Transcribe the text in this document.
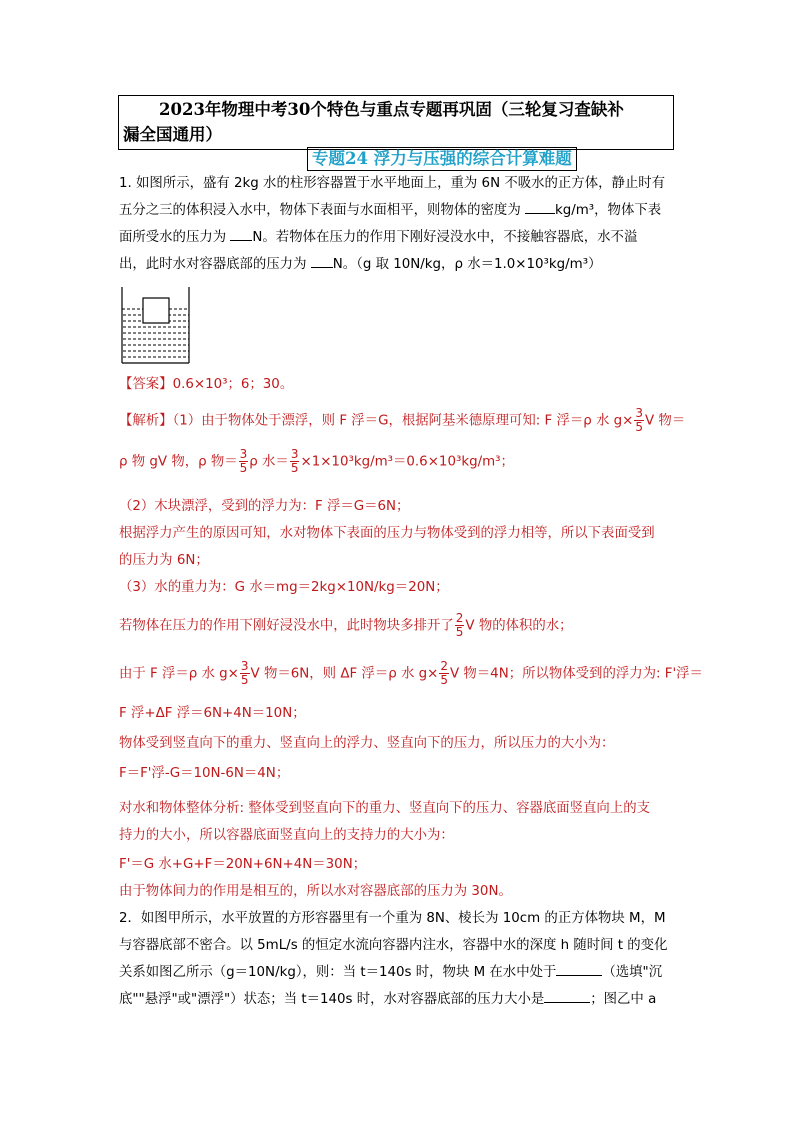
2023年物理中考30个特色与重点专题再巩固（三轮复习查缺补
漏全国通用）
专题24 浮力与压强的综合计算难题
1. 如图所示，盛有 2kg 水的柱形容器置于水平地面上，重为 6N 不吸水的正方体，静止时有
五分之三的体积浸入水中，物体下表面与水面相平，则物体的密度为 kg/m³，物体下表
面所受水的压力为 N。若物体在压力的作用下刚好浸没水中，不接触容器底，水不溢
出，此时水对容器底部的压力为 N。（g 取 10N/kg，ρ 水＝1.0×10³kg/m³）
【答案】0.6×10³；6；30。
【解析】（1）由于物体处于漂浮，则 F 浮＝G，根据阿基米德原理可知: F 浮＝ρ 水 $g\times \frac{3}{5}$ V 物＝
ρ 物 gV 物，ρ 物＝ $\frac{3}{5}$ ρ 水＝ $\frac{3}{5} \times 1\times 10^3kg/m^3=0.6\times 10^3kg/m^3$；
（2）木块漂浮，受到的浮力为：F 浮＝G＝6N；
根据浮力产生的原因可知，水对物体下表面的压力与物体受到的浮力相等，所以下表面受到
的压力为 6N；
（3）水的重力为：G 水＝mg＝2kg×10N/kg＝20N；
若物体在压力的作用下刚好浸没水中，此时物块多排开了 $\frac{2}{5}$ V 物的体积的水；
由于 F 浮＝ρ 水 $g\times \frac{3}{5}$ V 物＝6N，则 ΔF 浮＝ρ 水 $g\times \frac{2}{5}$ V 物＝4N；所以物体受到的浮力为: F'浮＝
F 浮+ΔF 浮＝6N+4N＝10N；
物体受到竖直向下的重力、竖直向上的浮力、竖直向下的压力，所以压力的大小为：
F＝F'浮-G＝10N-6N＝4N；
对水和物体整体分析: 整体受到竖直向下的重力、竖直向下的压力、容器底面竖直向上的支
持力的大小，所以容器底面竖直向上的支持力的大小为：
F'＝G 水+G+F＝20N+6N+4N＝30N；
由于物体间力的作用是相互的，所以水对容器底部的压力为 30N。
2．如图甲所示，水平放置的方形容器里有一个重为 8N、棱长为 10cm 的正方体物块 M，M
与容器底部不密合。以 5mL/s 的恒定水流向容器内注水，容器中水的深度 h 随时间 t 的变化
关系如图乙所示（g＝10N/kg），则：当 t＝140s 时，物块 M 在水中处于	（选填"沉
底""悬浮"或"漂浮"）状态；当 t＝140s 时，水对容器底部的压力大小是	；图乙中 a
